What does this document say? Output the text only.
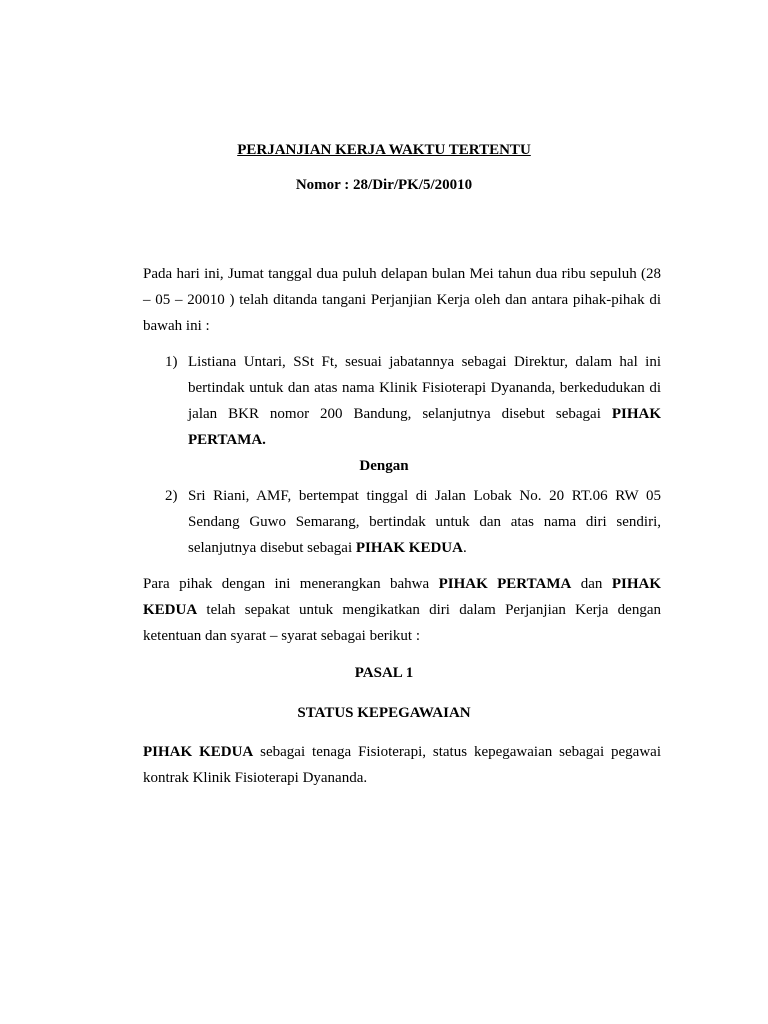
PERJANJIAN KERJA WAKTU TERTENTU
Nomor : 28/Dir/PK/5/20010
Pada hari ini, Jumat tanggal dua puluh delapan bulan Mei tahun dua ribu sepuluh (28 – 05 – 20010 ) telah ditanda tangani Perjanjian Kerja oleh dan antara pihak-pihak di bawah ini :
1) Listiana Untari, SSt Ft, sesuai jabatannya sebagai Direktur, dalam hal ini bertindak untuk dan atas nama Klinik Fisioterapi Dyananda, berkedudukan di jalan BKR nomor 200 Bandung, selanjutnya disebut sebagai PIHAK PERTAMA.
Dengan
2) Sri Riani, AMF, bertempat tinggal di Jalan Lobak No. 20 RT.06 RW 05 Sendang Guwo Semarang, bertindak untuk dan atas nama diri sendiri, selanjutnya disebut sebagai PIHAK KEDUA.
Para pihak dengan ini menerangkan bahwa PIHAK PERTAMA dan PIHAK KEDUA telah sepakat untuk mengikatkan diri dalam Perjanjian Kerja dengan ketentuan dan syarat – syarat sebagai berikut :
PASAL 1
STATUS KEPEGAWAIAN
PIHAK KEDUA sebagai tenaga Fisioterapi, status kepegawaian sebagai pegawai kontrak Klinik Fisioterapi Dyananda.
